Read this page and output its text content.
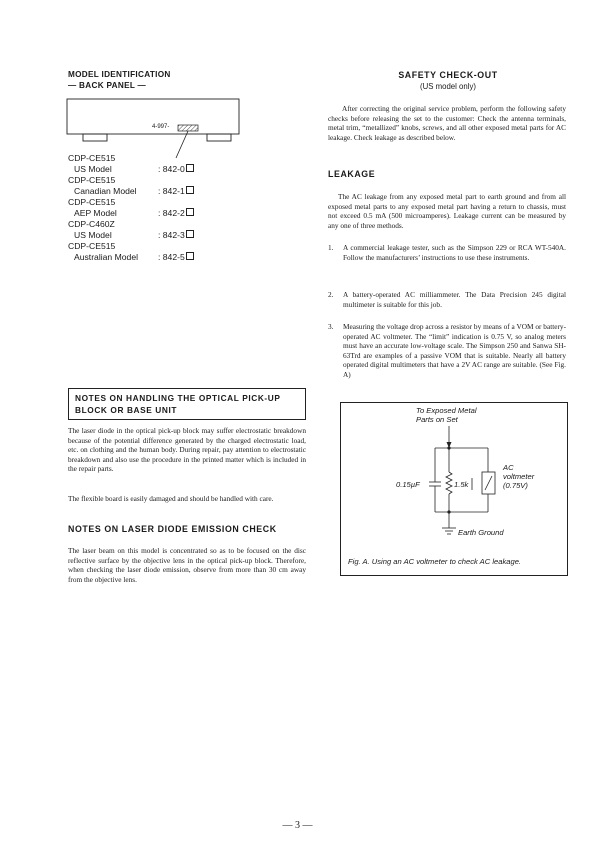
MODEL IDENTIFICATION
— BACK PANEL —
4-997-
CDP-CE515
US Model	: 842-0
CDP-CE515
Canadian Model : 842-1
CDP-CE515
AEP Model	: 842-2
CDP-C460Z
US Model	: 842-3
CDP-CE515
Australian Model : 842-5
NOTES ON HANDLING THE OPTICAL PICK-UP
BLOCK OR BASE UNIT
The laser diode in the optical pick-up block may suffer electrostatic breakdown because of the potential difference generated by the charged electrostatic load, etc. on clothing and the human body. During repair, pay attention to electrostatic breakdown and also use the procedure in the printed matter which is included in the repair parts.
The flexible board is easily damaged and should be handled with care.
NOTES ON LASER DIODE EMISSION CHECK
The laser beam on this model is concentrated so as to be focused on the disc reflective surface by the objective lens in the optical pick-up block. Therefore, when checking the laser diode emission, observe from more than 30 cm away from the objective lens.
SAFETY CHECK-OUT
(US model only)
After correcting the original service problem, perform the following safety checks before releasing the set to the customer: Check the antenna terminals, metal trim, “metallized” knobs, screws, and all other exposed metal parts for AC leakage. Check leakage as described below.
LEAKAGE
The AC leakage from any exposed metal part to earth ground and from all exposed metal parts to any exposed metal part having a return to chassis, must not exceed 0.5 mA (500 microamperes). Leakage current can be measured by any one of three methods.
1. A commercial leakage tester, such as the Simpson 229 or RCA WT-540A. Follow the manufacturers’ instructions to use these instruments.
2. A battery-operated AC milliammeter. The Data Precision 245 digital multimeter is suitable for this job.
3. Measuring the voltage drop across a resistor by means of a VOM or battery-operated AC voltmeter. The “limit” indication is 0.75 V, so analog meters must have an accurate low-voltage scale. The Simpson 250 and Sanwa SH-63Trd are examples of a passive VOM that is suitable. Nearly all battery operated digital multimeters that have a 2V AC range are suitable. (See Fig. A)
To Exposed Metal
Parts on Set
0.15µF	1.5k
AC
voltmeter
(0.75V)
Earth Ground
Fig. A. Using an AC voltmeter to check AC leakage.
— 3 —
